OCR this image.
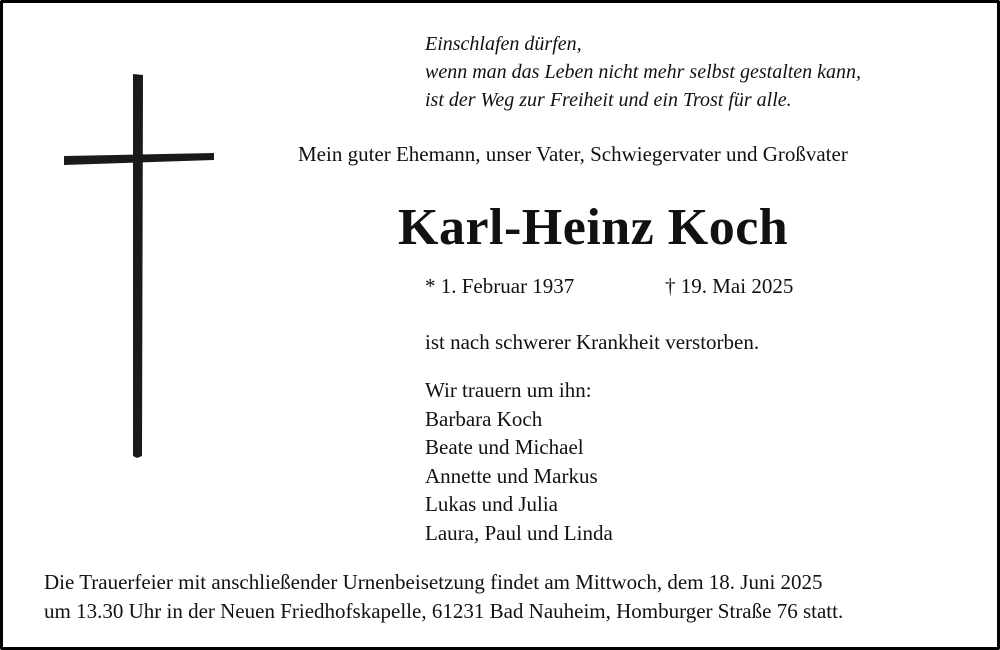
Einschlafen dürfen,
wenn man das Leben nicht mehr selbst gestalten kann,
ist der Weg zur Freiheit und ein Trost für alle.
Mein guter Ehemann, unser Vater, Schwiegervater und Großvater
Karl-Heinz Koch
* 1. Februar 1937	† 19. Mai 2025
ist nach schwerer Krankheit verstorben.
Wir trauern um ihn:
Barbara Koch
Beate und Michael
Annette und Markus
Lukas und Julia
Laura, Paul und Linda
Die Trauerfeier mit anschließender Urnenbeisetzung findet am Mittwoch, dem 18. Juni 2025
um 13.30 Uhr in der Neuen Friedhofskapelle, 61231 Bad Nauheim, Homburger Straße 76 statt.
